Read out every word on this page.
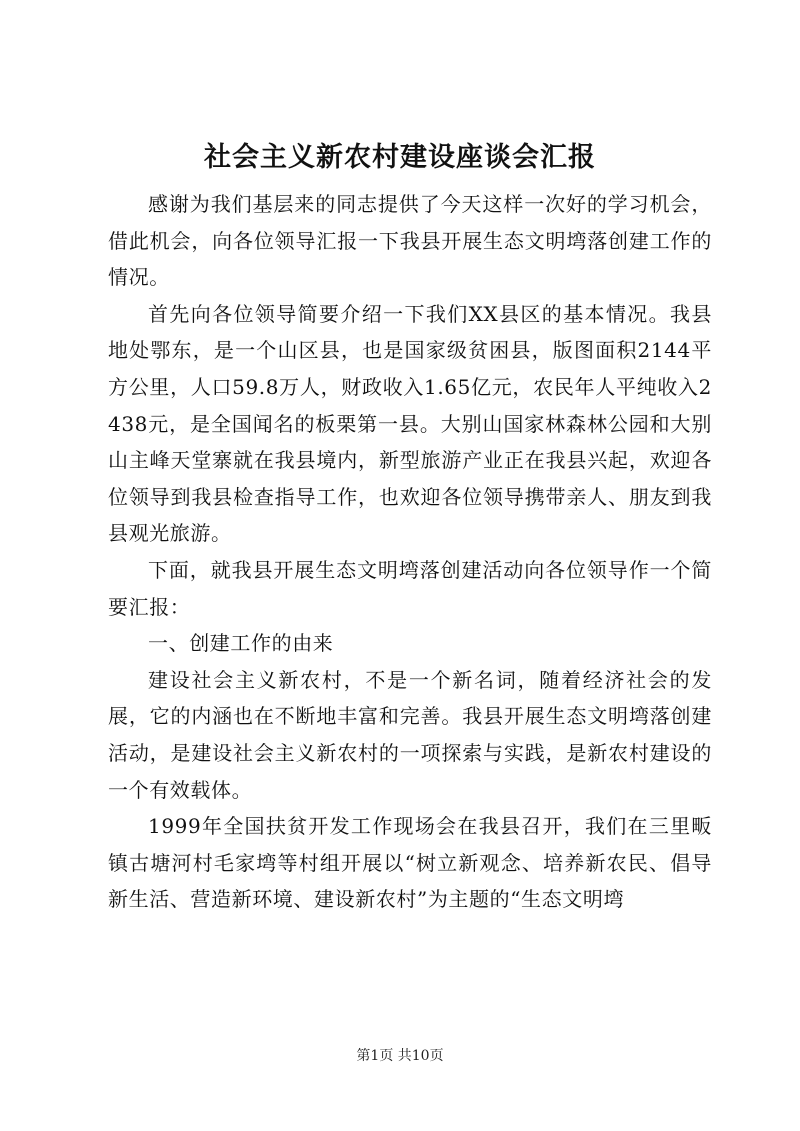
社会主义新农村建设座谈会汇报

感谢为我们基层来的同志提供了今天这样一次好的学习机会，借此机会，向各位领导汇报一下我县开展生态文明塆落创建工作的情况。

首先向各位领导简要介绍一下我们XX县区的基本情况。我县地处鄂东，是一个山区县，也是国家级贫困县，版图面积2144平方公里，人口59.8万人，财政收入1.65亿元，农民年人平纯收入2438元，是全国闻名的板栗第一县。大别山国家林森林公园和大别山主峰天堂寨就在我县境内，新型旅游产业正在我县兴起，欢迎各位领导到我县检查指导工作，也欢迎各位领导携带亲人、朋友到我县观光旅游。

下面，就我县开展生态文明塆落创建活动向各位领导作一个简要汇报：

一、创建工作的由来

建设社会主义新农村，不是一个新名词，随着经济社会的发展，它的内涵也在不断地丰富和完善。我县开展生态文明塆落创建活动，是建设社会主义新农村的一项探索与实践，是新农村建设的一个有效载体。

1999年全国扶贫开发工作现场会在我县召开，我们在三里畈镇古塘河村毛家塆等村组开展以“树立新观念、培养新农民、倡导新生活、营造新环境、建设新农村”为主题的“生态文明塆

第1页 共10页
